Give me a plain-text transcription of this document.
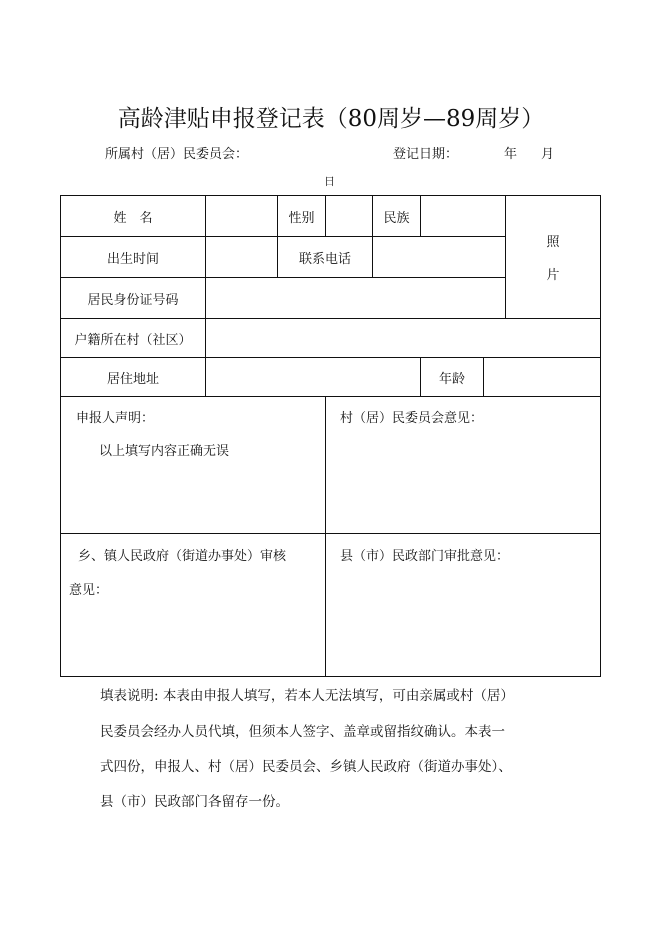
高龄津贴申报登记表（80周岁—89周岁）
所属村（居）民委员会：	登记日期：	年 月
日
姓　名	性别	民族
照
片
出生时间	联系电话
居民身份证号码
户籍所在村（社区）
居住地址	年龄
申报人声明：
以上填写内容正确无误
村（居）民委员会意见：
乡、镇人民政府（街道办事处）审核
意见：
县（市）民政部门审批意见：
填表说明: 本表由申报人填写，若本人无法填写，可由亲属或村（居）
民委员会经办人员代填，但须本人签字、盖章或留指纹确认。本表一
式四份，申报人、村（居）民委员会、乡镇人民政府（街道办事处）、
县（市）民政部门各留存一份。
